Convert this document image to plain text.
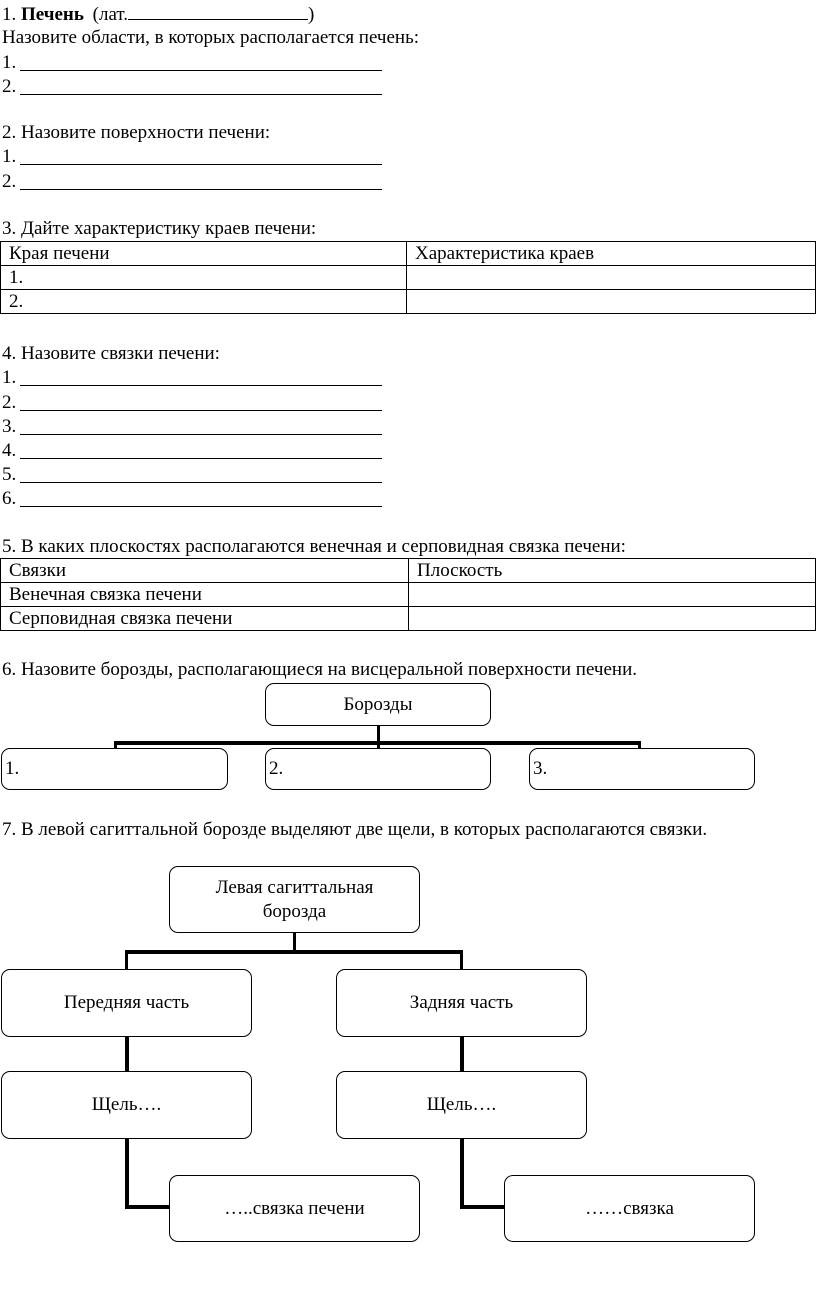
1. Печень (лат.	)
Назовите области, в которых располагается печень:
1.
2.
2. Назовите поверхности печени:
1.
2.
3. Дайте характеристику краев печени:
Края печени	Характеристика краев
1.	
2.	
4. Назовите связки печени:
1.
2.
3.
4.
5.
6.
5. В каких плоскостях располагаются венечная и серповидная связка печени:
Связки	Плоскость
Венечная связка печени	
Серповидная связка печени	
6. Назовите борозды, располагающиеся на висцеральной поверхности печени.
Борозды
1.	2.	3.
7. В левой сагиттальной борозде выделяют две щели, в которых располагаются связки.
Левая сагиттальная
борозда
Передняя часть	Задняя часть
Щель….	Щель….
…..связка печени	……связка
